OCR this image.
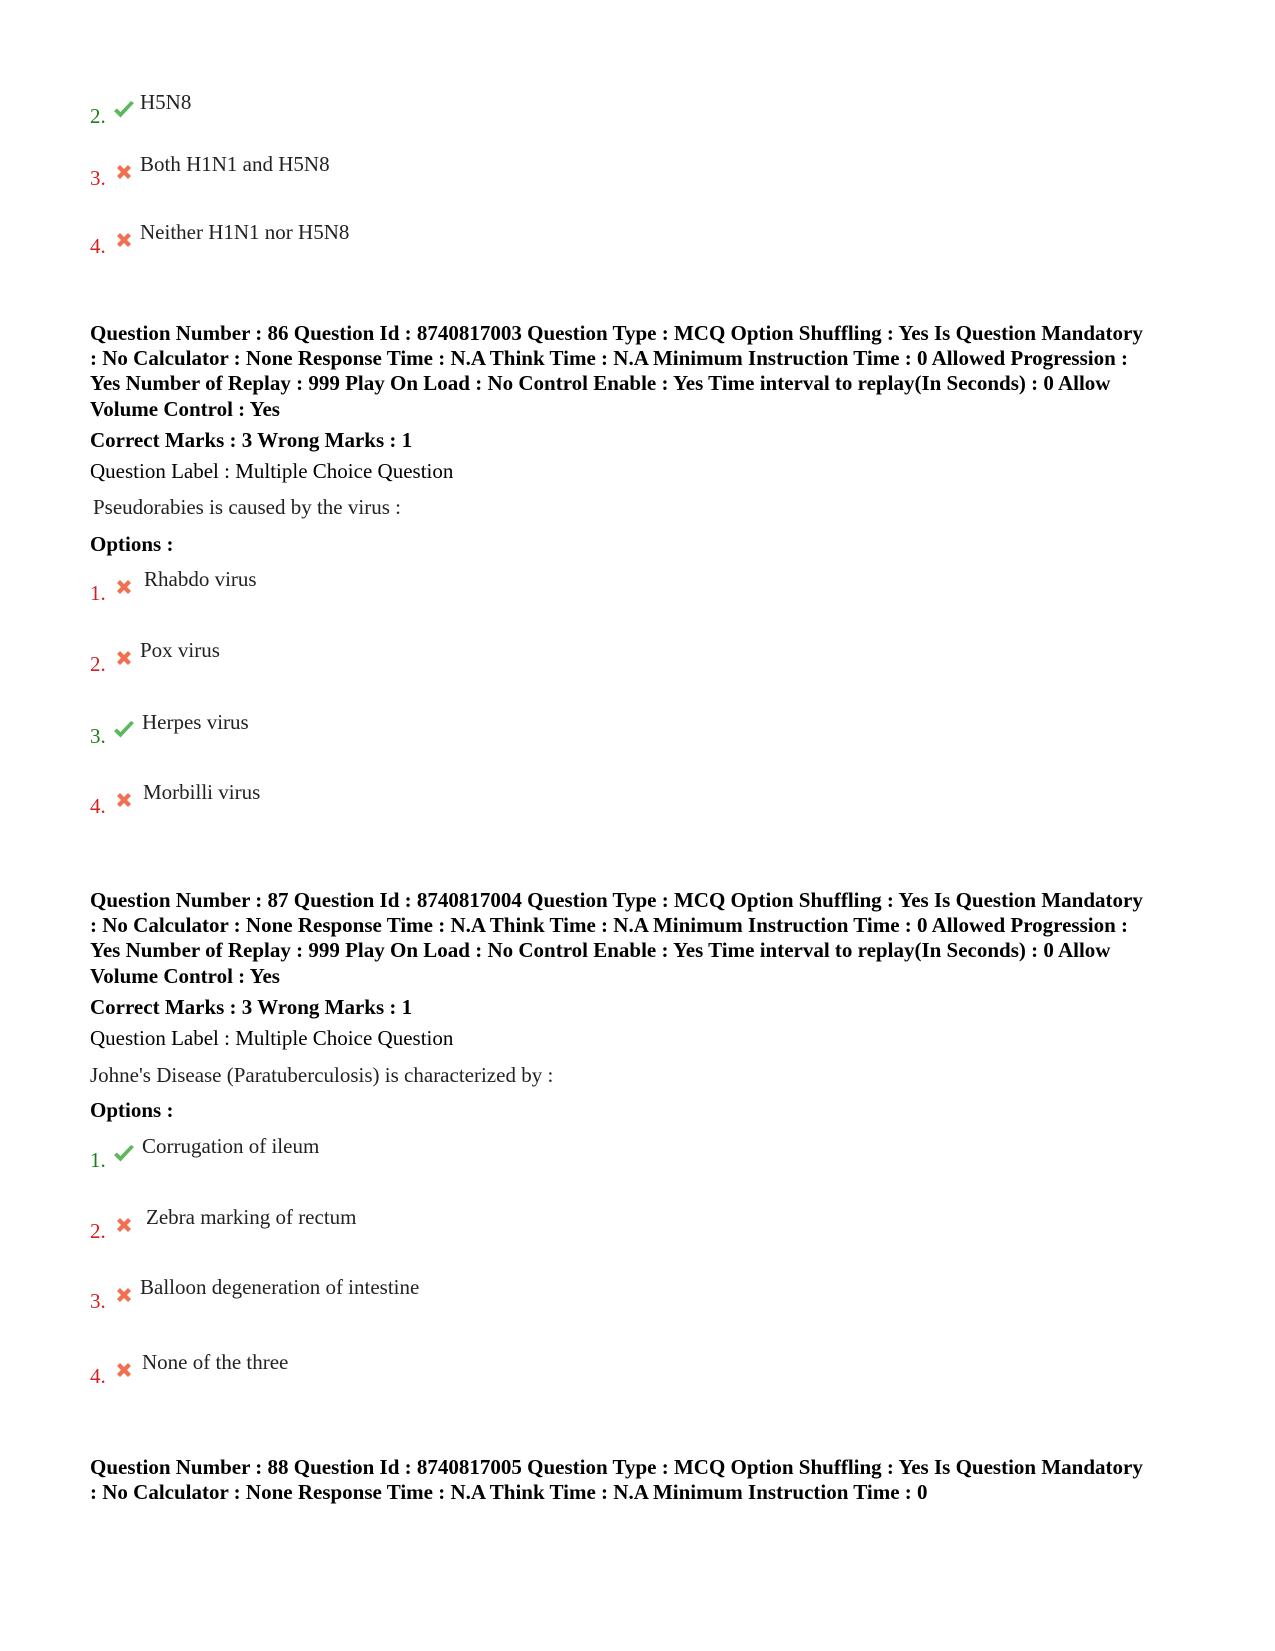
2.
H5N8
3.
Both H1N1 and H5N8
4.
Neither H1N1 nor H5N8

Question Number : 86 Question Id : 8740817003 Question Type : MCQ Option Shuffling : Yes Is Question Mandatory : No Calculator : None Response Time : N.A Think Time : N.A Minimum Instruction Time : 0 Allowed Progression : Yes Number of Replay : 999 Play On Load : No Control Enable : Yes Time interval to replay(In Seconds) : 0 Allow Volume Control : Yes

Correct Marks : 3 Wrong Marks : 1
Question Label : Multiple Choice Question
Pseudorabies is caused by the virus :
Options :
1.
Rhabdo virus
2.
Pox virus
3.
Herpes virus
4.
Morbilli virus

Question Number : 87 Question Id : 8740817004 Question Type : MCQ Option Shuffling : Yes Is Question Mandatory : No Calculator : None Response Time : N.A Think Time : N.A Minimum Instruction Time : 0 Allowed Progression : Yes Number of Replay : 999 Play On Load : No Control Enable : Yes Time interval to replay(In Seconds) : 0 Allow Volume Control : Yes

Correct Marks : 3 Wrong Marks : 1
Question Label : Multiple Choice Question
Johne's Disease (Paratuberculosis) is characterized by :
Options :
1.
Corrugation of ileum
2.
Zebra marking of rectum
3.
Balloon degeneration of intestine
4.
None of the three

Question Number : 88 Question Id : 8740817005 Question Type : MCQ Option Shuffling : Yes Is Question Mandatory : No Calculator : None Response Time : N.A Think Time : N.A Minimum Instruction Time : 0
